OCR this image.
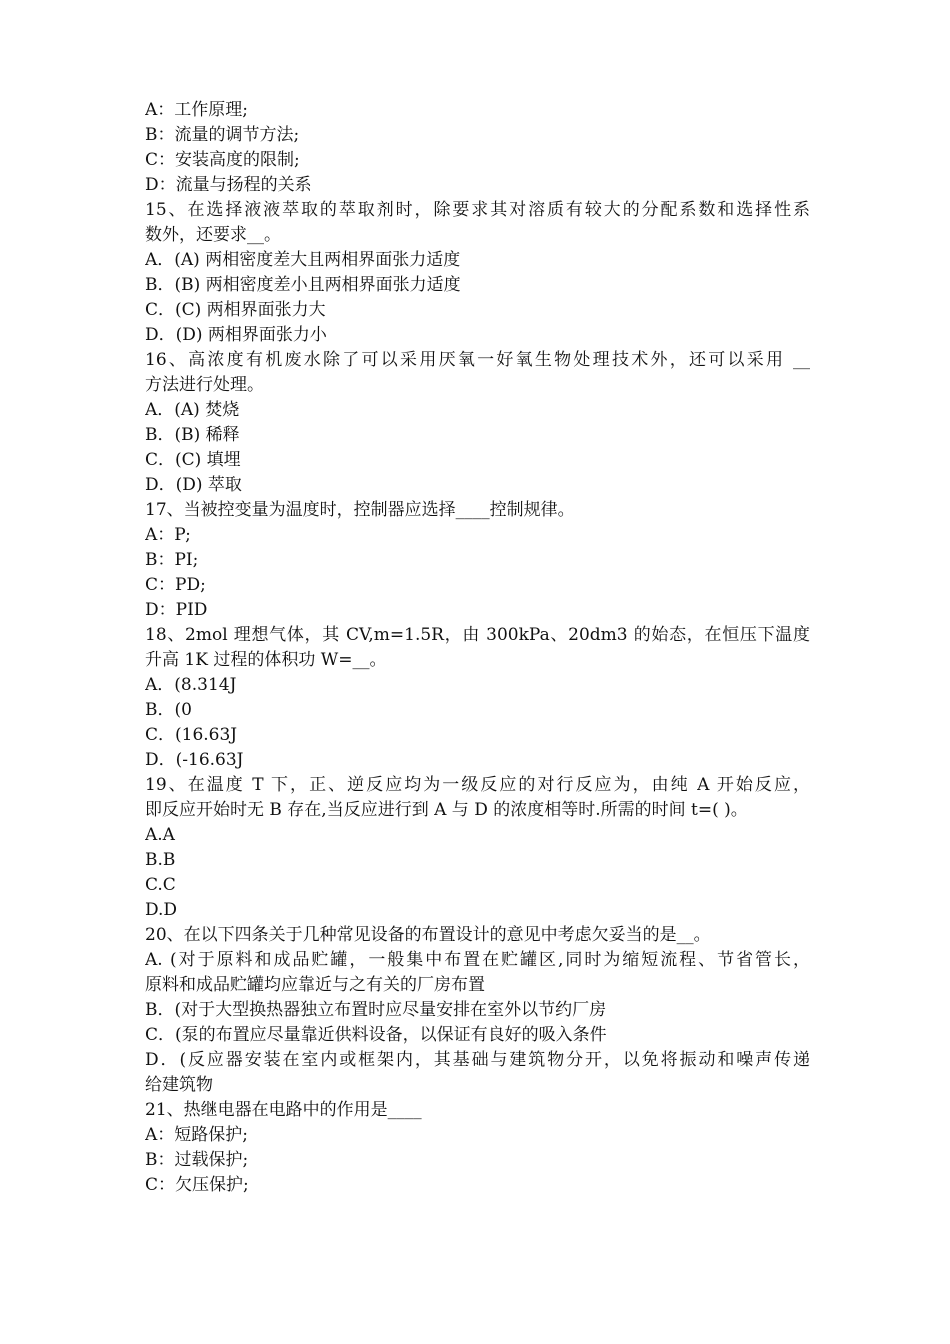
A：工作原理;
B：流量的调节方法;
C：安装高度的限制;
D：流量与扬程的关系
15、在选择液液萃取的萃取剂时，除要求其对溶质有较大的分配系数和选择性系
数外，还要求__。
A．(A) 两相密度差大且两相界面张力适度
B．(B) 两相密度差小且两相界面张力适度
C．(C) 两相界面张力大
D．(D) 两相界面张力小
16、高浓度有机废水除了可以采用厌氧一好氧生物处理技术外，还可以采用 __
方法进行处理。
A．(A) 焚烧
B．(B) 稀释
C．(C) 填埋
D．(D) 萃取
17、当被控变量为温度时，控制器应选择____控制规律。
A：P;
B：PI;
C：PD;
D：PID
18、2mol 理想气体，其 CV,m=1.5R，由 300kPa、20dm3 的始态，在恒压下温度
升高 1K 过程的体积功 W=__。
A．(8.314J
B．(0
C．(16.63J
D．(-16.63J
19、在温度 T 下，正、逆反应均为一级反应的对行反应为，由纯 A 开始反应，
即反应开始时无 B 存在,当反应进行到 A 与 D 的浓度相等时.所需的时间 t=( )。
A.A
B.B
C.C
D.D
20、在以下四条关于几种常见设备的布置设计的意见中考虑欠妥当的是__。
A. (对于原料和成品贮罐，一般集中布置在贮罐区,同时为缩短流程、节省管长，
原料和成品贮罐均应靠近与之有关的厂房布置
B．(对于大型换热器独立布置时应尽量安排在室外以节约厂房
C．(泵的布置应尽量靠近供料设备，以保证有良好的吸入条件
D．(反应器安装在室内或框架内，其基础与建筑物分开，以免将振动和噪声传递
给建筑物
21、热继电器在电路中的作用是____
A：短路保护;
B：过载保护;
C：欠压保护;
